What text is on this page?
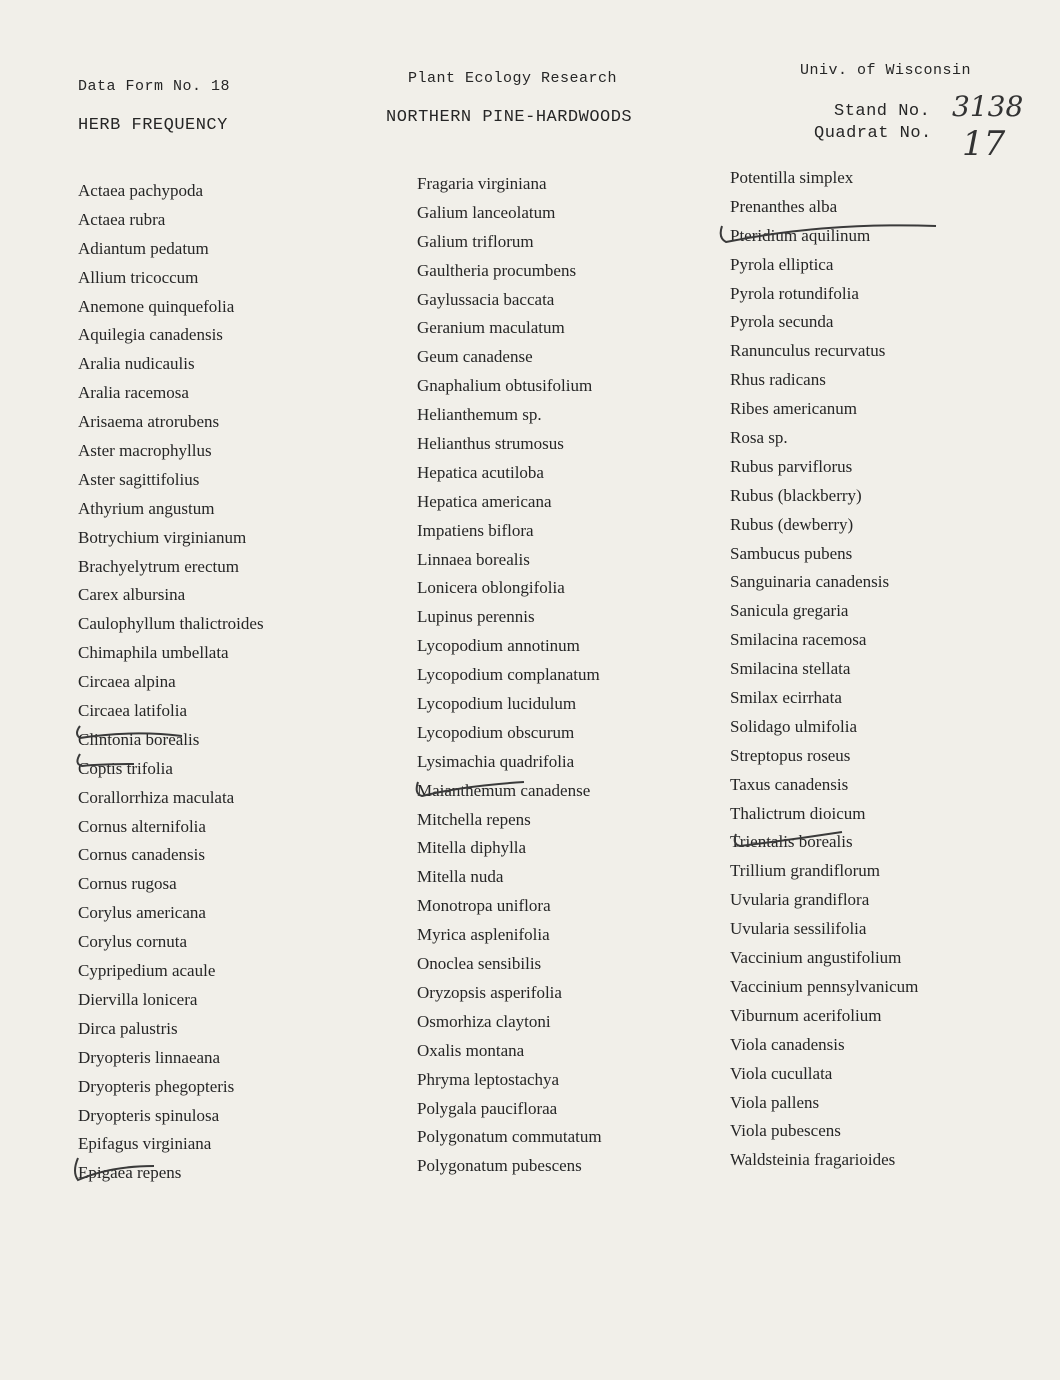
Data Form No. 18
HERB FREQUENCY
Plant Ecology Research
NORTHERN PINE-HARDWOODS
Univ. of Wisconsin
Stand No. 3138
Quadrat No. 17
Actaea pachypoda
Actaea rubra
Adiantum pedatum
Allium tricoccum
Anemone quinquefolia
Aquilegia canadensis
Aralia nudicaulis
Aralia racemosa
Arisaema atrorubens
Aster macrophyllus
Aster sagittifolius
Athyrium angustum
Botrychium virginianum
Brachyelytrum erectum
Carex albursina
Caulophyllum thalictroides
Chimaphila umbellata
Circaea alpina
Circaea latifolia
Clintonia borealis
Coptis trifolia
Corallorrhiza maculata
Cornus alternifolia
Cornus canadensis
Cornus rugosa
Corylus americana
Corylus cornuta
Cypripedium acaule
Diervilla lonicera
Dirca palustris
Dryopteris linnaeana
Dryopteris phegopteris
Dryopteris spinulosa
Epifagus virginiana
Epigaea repens
Fragaria virginiana
Galium lanceolatum
Galium triflorum
Gaultheria procumbens
Gaylussacia baccata
Geranium maculatum
Geum canadense
Gnaphalium obtusifolium
Helianthemum sp.
Helianthus strumosus
Hepatica acutiloba
Hepatica americana
Impatiens biflora
Linnaea borealis
Lonicera oblongifolia
Lupinus perennis
Lycopodium annotinum
Lycopodium complanatum
Lycopodium lucidulum
Lycopodium obscurum
Lysimachia quadrifolia
Maianthemum canadense
Mitchella repens
Mitella diphylla
Mitella nuda
Monotropa uniflora
Myrica asplenifolia
Onoclea sensibilis
Oryzopsis asperifolia
Osmorhiza claytoni
Oxalis montana
Phryma leptostachya
Polygala paucifloraa
Polygonatum commutatum
Polygonatum pubescens
Potentilla simplex
Prenanthes alba
Pteridium aquilinum
Pyrola elliptica
Pyrola rotundifolia
Pyrola secunda
Ranunculus recurvatus
Rhus radicans
Ribes americanum
Rosa sp.
Rubus parviflorus
Rubus (blackberry)
Rubus (dewberry)
Sambucus pubens
Sanguinaria canadensis
Sanicula gregaria
Smilacina racemosa
Smilacina stellata
Smilax ecirrhata
Solidago ulmifolia
Streptopus roseus
Taxus canadensis
Thalictrum dioicum
Trientalis borealis
Trillium grandiflorum
Uvularia grandiflora
Uvularia sessilifolia
Vaccinium angustifolium
Vaccinium pennsylvanicum
Viburnum acerifolium
Viola canadensis
Viola cucullata
Viola pallens
Viola pubescens
Waldsteinia fragarioides
